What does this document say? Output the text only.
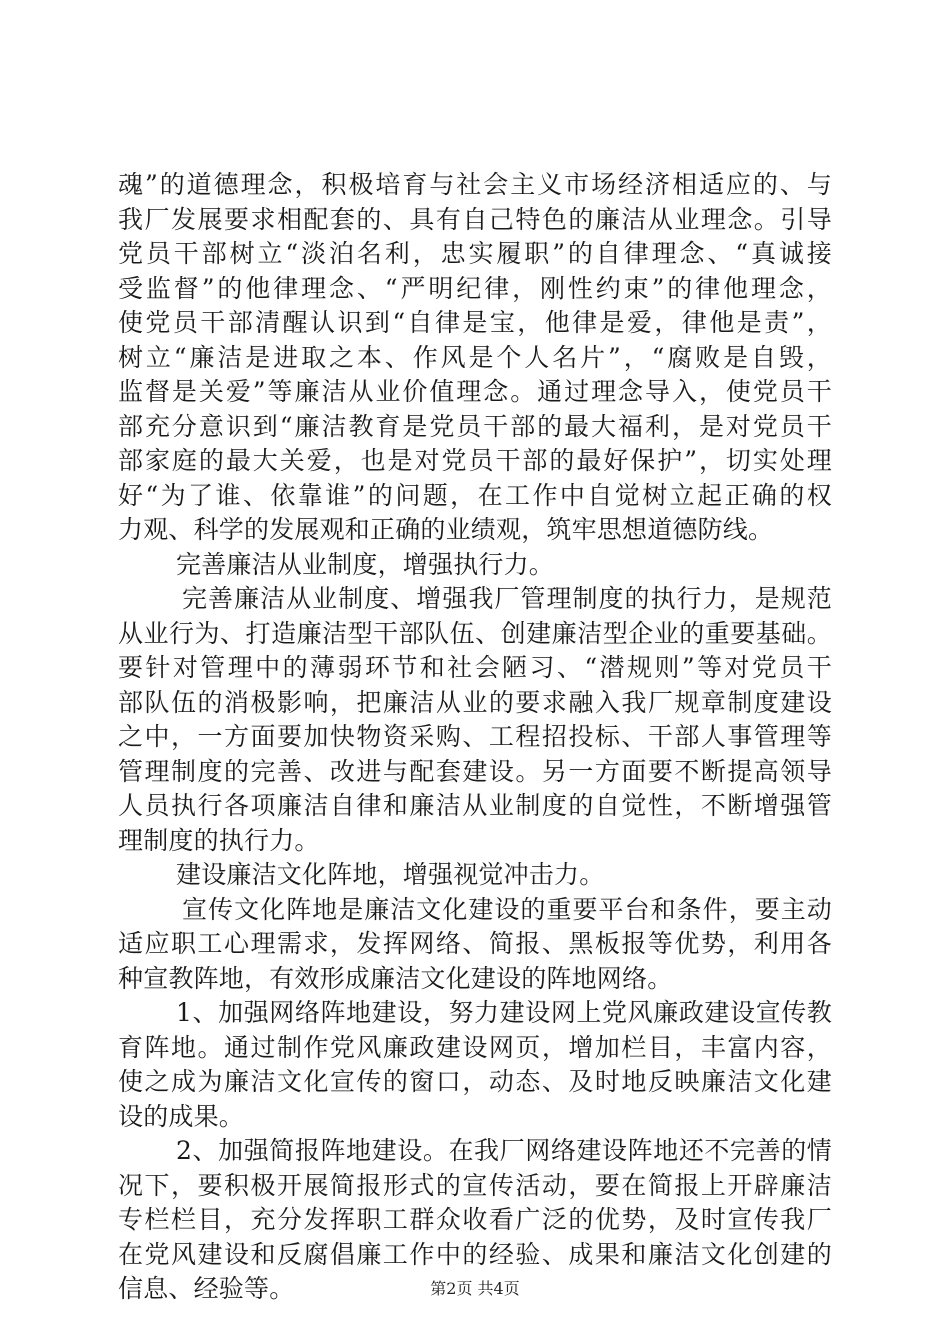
魂”的道德理念，积极培育与社会主义市场经济相适应的、与
我厂发展要求相配套的、具有自己特色的廉洁从业理念。引导
党员干部树立“淡泊名利，忠实履职”的自律理念、“真诚接
受监督”的他律理念、“严明纪律，刚性约束”的律他理念，
使党员干部清醒认识到“自律是宝，他律是爱，律他是责”，
树立“廉洁是进取之本、作风是个人名片”，“腐败是自毁，
监督是关爱”等廉洁从业价值理念。通过理念导入，使党员干
部充分意识到“廉洁教育是党员干部的最大福利，是对党员干
部家庭的最大关爱，也是对党员干部的最好保护”，切实处理
好“为了谁、依靠谁”的问题，在工作中自觉树立起正确的权
力观、科学的发展观和正确的业绩观，筑牢思想道德防线。
完善廉洁从业制度，增强执行力。
完善廉洁从业制度、增强我厂管理制度的执行力，是规范
从业行为、打造廉洁型干部队伍、创建廉洁型企业的重要基础。
要针对管理中的薄弱环节和社会陋习、“潜规则”等对党员干
部队伍的消极影响，把廉洁从业的要求融入我厂规章制度建设
之中，一方面要加快物资采购、工程招投标、干部人事管理等
管理制度的完善、改进与配套建设。另一方面要不断提高领导
人员执行各项廉洁自律和廉洁从业制度的自觉性，不断增强管
理制度的执行力。
建设廉洁文化阵地，增强视觉冲击力。
宣传文化阵地是廉洁文化建设的重要平台和条件，要主动
适应职工心理需求，发挥网络、简报、黑板报等优势，利用各
种宣教阵地，有效形成廉洁文化建设的阵地网络。
1、加强网络阵地建设，努力建设网上党风廉政建设宣传教
育阵地。通过制作党风廉政建设网页，增加栏目，丰富内容，
使之成为廉洁文化宣传的窗口，动态、及时地反映廉洁文化建
设的成果。
2、加强简报阵地建设。在我厂网络建设阵地还不完善的情
况下，要积极开展简报形式的宣传活动，要在简报上开辟廉洁
专栏栏目，充分发挥职工群众收看广泛的优势，及时宣传我厂
在党风建设和反腐倡廉工作中的经验、成果和廉洁文化创建的
信息、经验等。	第2页 共4页
